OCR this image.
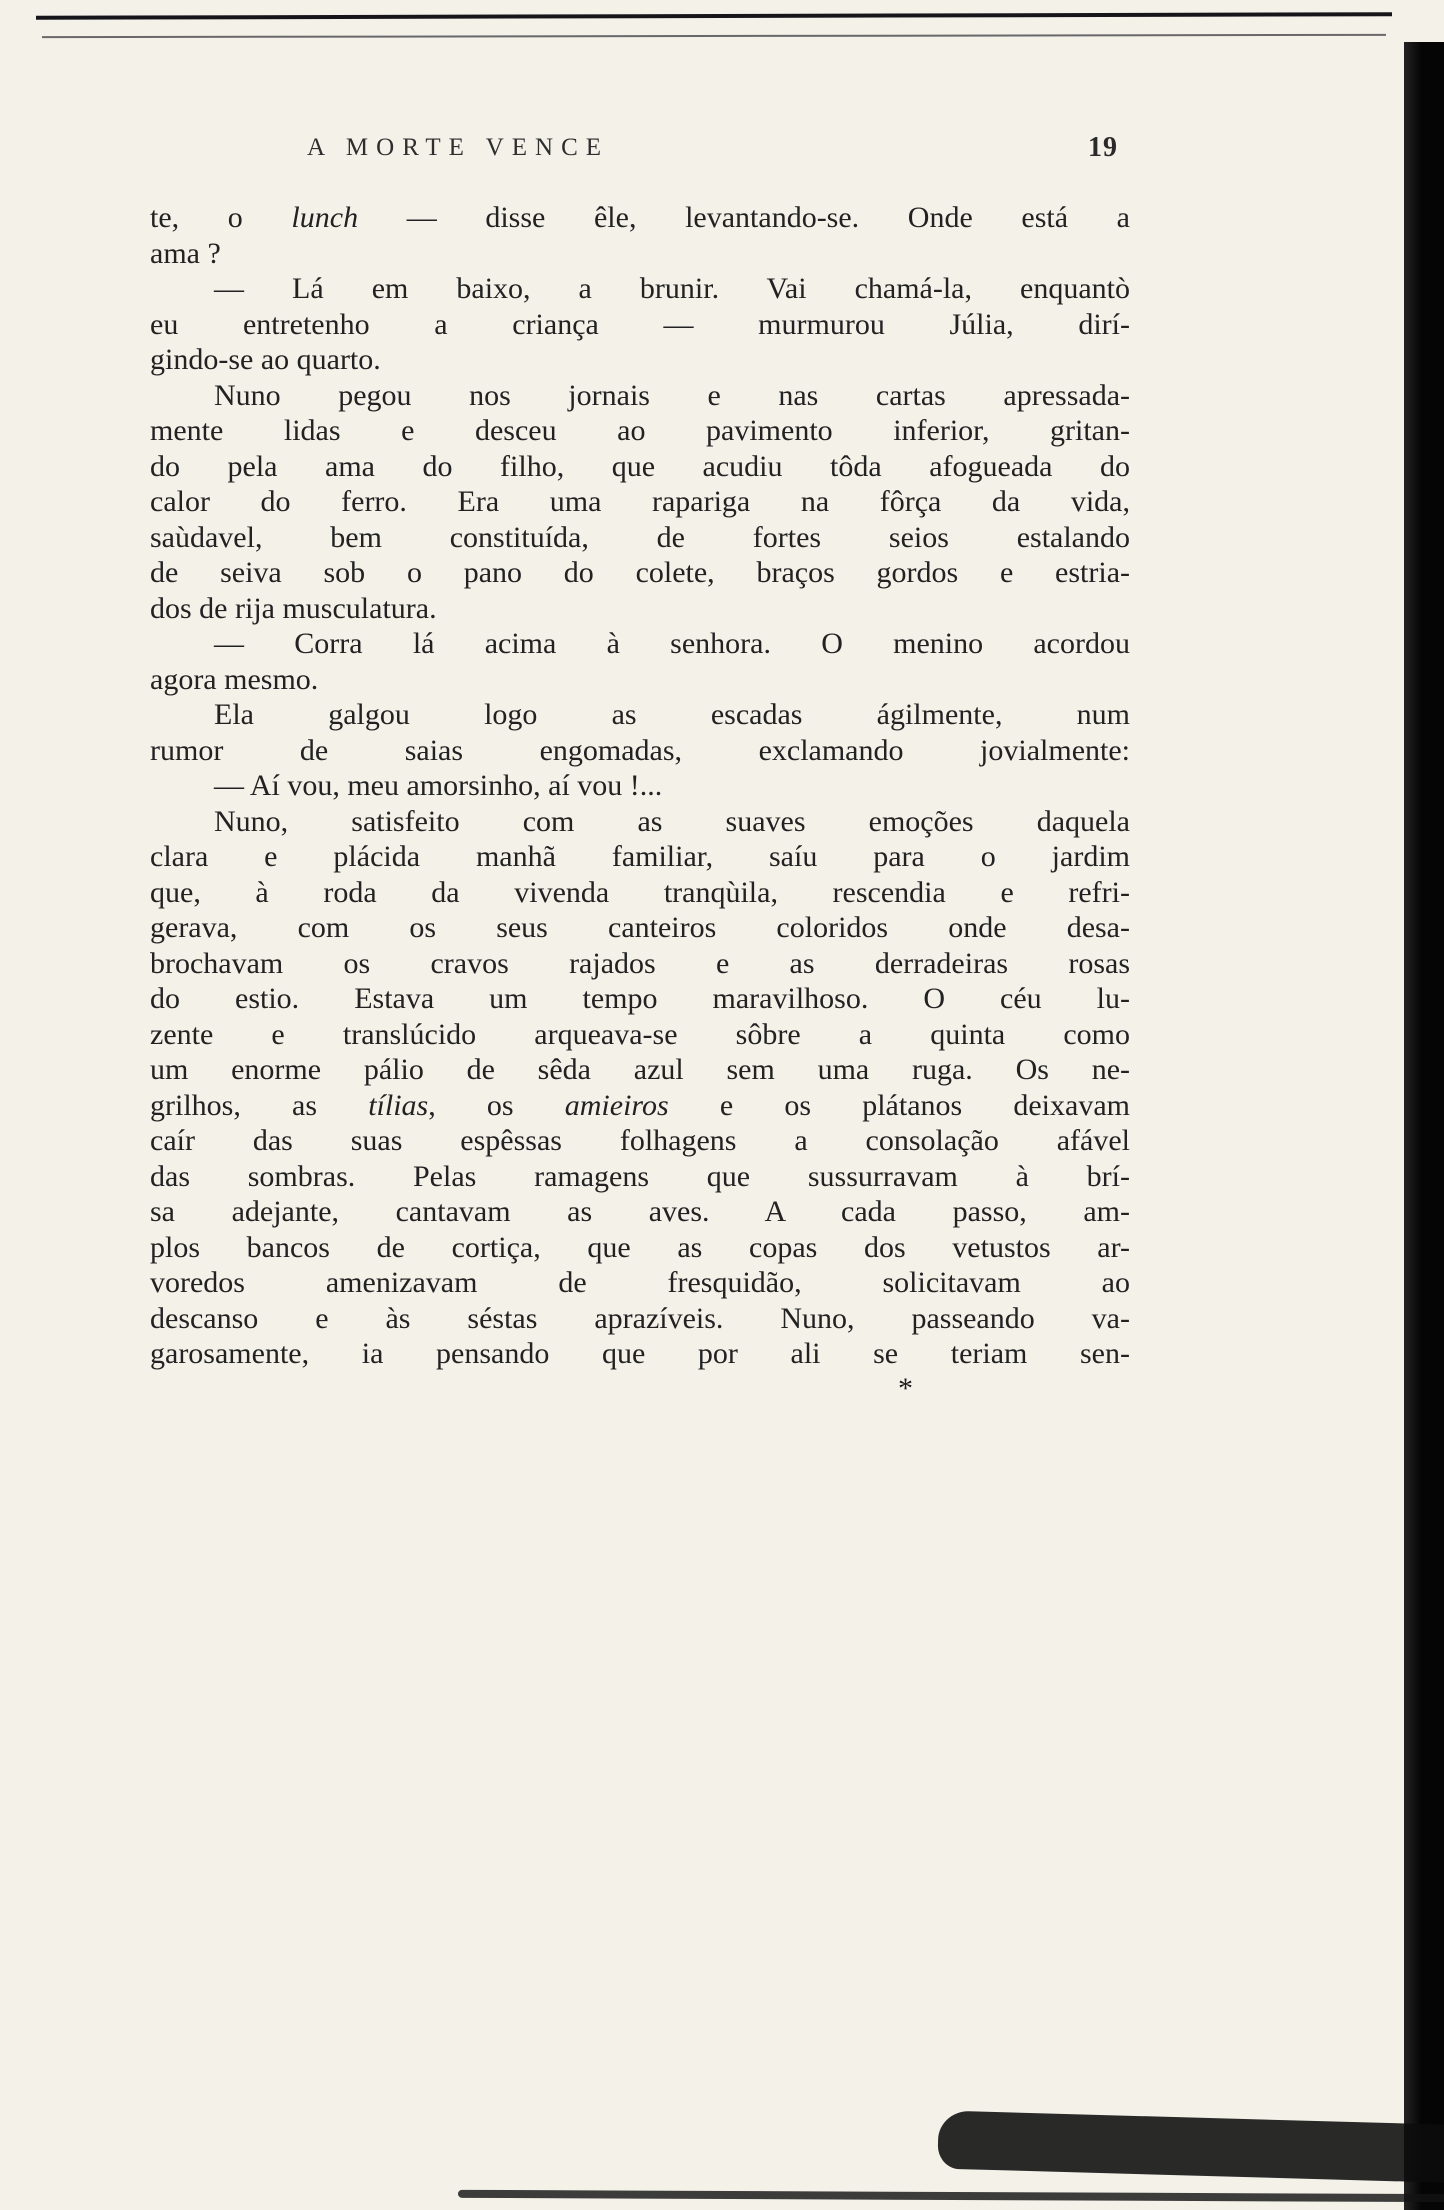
A MORTE VENCE	19
te, o lunch — disse êle, levantando-se. Onde está a
ama ?
— Lá em baixo, a brunir. Vai chamá-la, enquantò
eu entretenho a criança — murmurou Júlia, dirí-
gindo-se ao quarto.
Nuno pegou nos jornais e nas cartas apressada-
mente lidas e desceu ao pavimento inferior, gritan-
do pela ama do filho, que acudiu tôda afogueada do
calor do ferro. Era uma rapariga na fôrça da vida,
saùdavel, bem constituída, de fortes seios estalando
de seiva sob o pano do colete, braços gordos e estria-
dos de rija musculatura.
— Corra lá acima à senhora. O menino acordou
agora mesmo.
Ela galgou logo as escadas ágilmente, num
rumor de saias engomadas, exclamando jovialmente:
— Aí vou, meu amorsinho, aí vou !...
Nuno, satisfeito com as suaves emoções daquela
clara e plácida manhã familiar, saíu para o jardim
que, à roda da vivenda tranqùila, rescendia e refri-
gerava, com os seus canteiros coloridos onde desa-
brochavam os cravos rajados e as derradeiras rosas
do estio. Estava um tempo maravilhoso. O céu lu-
zente e translúcido arqueava-se sôbre a quinta como
um enorme pálio de sêda azul sem uma ruga. Os ne-
grilhos, as tílias, os amieiros e os plátanos deixavam
caír das suas espêssas folhagens a consolação afável
das sombras. Pelas ramagens que sussurravam à brí-
sa adejante, cantavam as aves. A cada passo, am-
plos bancos de cortiça, que as copas dos vetustos ar-
voredos amenizavam de fresquidão, solicitavam ao
descanso e às séstas aprazíveis. Nuno, passeando va-
garosamente, ia pensando que por ali se teriam sen-
*
